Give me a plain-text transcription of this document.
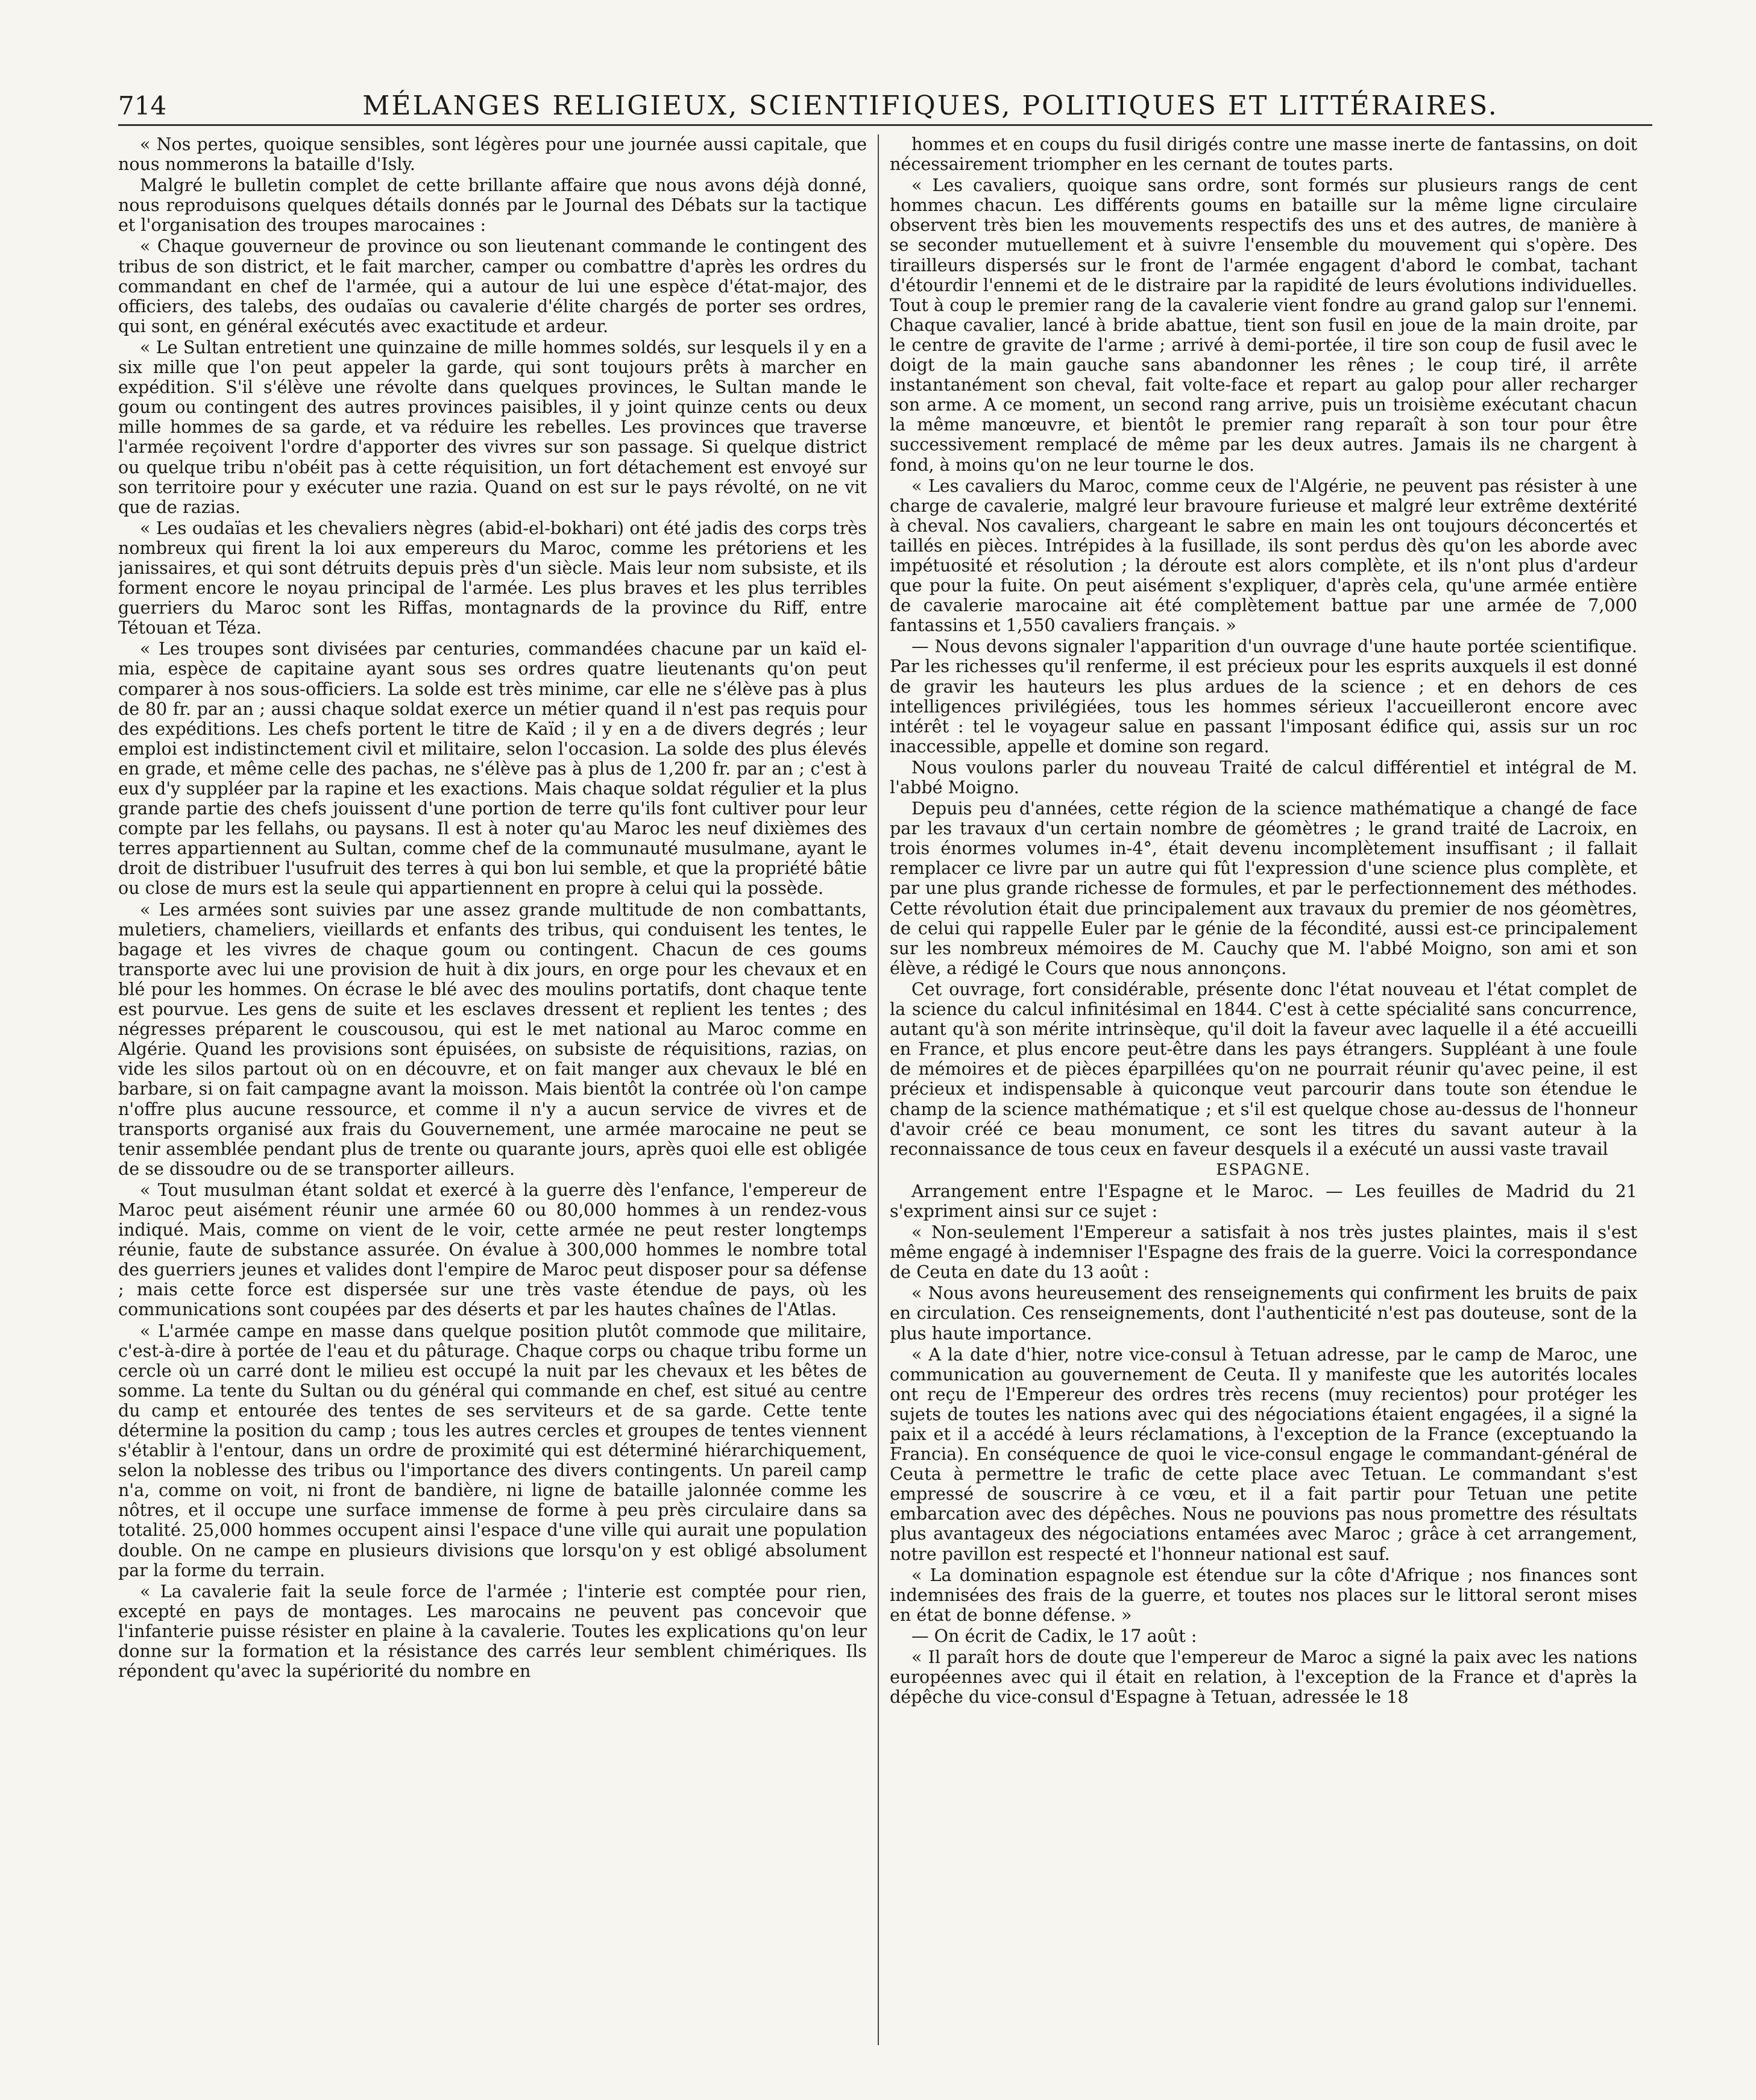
714	MÉLANGES RELIGIEUX, SCIENTIFIQUES, POLITIQUES ET LITTÉRAIRES.

« Nos pertes, quoique sensibles, sont légères pour une journée aussi capitale, que nous nommerons la bataille d'Isly.

Malgré le bulletin complet de cette brillante affaire que nous avons déjà donné, nous reproduisons quelques détails donnés par le Journal des Débats sur la tactique et l'organisation des troupes marocaines :

« Chaque gouverneur de province ou son lieutenant commande le contingent des tribus de son district, et le fait marcher, camper ou combattre d'après les ordres du commandant en chef de l'armée, qui a autour de lui une espèce d'état-major, des officiers, des talebs, des oudaïas ou cavalerie d'élite chargés de porter ses ordres, qui sont, en général exécutés avec exactitude et ardeur.

« Le Sultan entretient une quinzaine de mille hommes soldés, sur lesquels il y en a six mille que l'on peut appeler la garde, qui sont toujours prêts à marcher en expédition. S'il s'élève une révolte dans quelques provinces, le Sultan mande le goum ou contingent des autres provinces paisibles, il y joint quinze cents ou deux mille hommes de sa garde, et va réduire les rebelles. Les provinces que traverse l'armée reçoivent l'ordre d'apporter des vivres sur son passage. Si quelque district ou quelque tribu n'obéit pas à cette réquisition, un fort détachement est envoyé sur son territoire pour y exécuter une razia. Quand on est sur le pays révolté, on ne vit que de razias.

« Les oudaïas et les chevaliers nègres (abid-el-bokhari) ont été jadis des corps très nombreux qui firent la loi aux empereurs du Maroc, comme les prétoriens et les janissaires, et qui sont détruits depuis près d'un siècle. Mais leur nom subsiste, et ils forment encore le noyau principal de l'armée. Les plus braves et les plus terribles guerriers du Maroc sont les Riffas, montagnards de la province du Riff, entre Tétouan et Téza.

« Les troupes sont divisées par centuries, commandées chacune par un kaïd el-mia, espèce de capitaine ayant sous ses ordres quatre lieutenants qu'on peut comparer à nos sous-officiers. La solde est très minime, car elle ne s'élève pas à plus de 80 fr. par an ; aussi chaque soldat exerce un métier quand il n'est pas requis pour des expéditions. Les chefs portent le titre de Kaïd ; il y en a de divers degrés ; leur emploi est indistinctement civil et militaire, selon l'occasion. La solde des plus élevés en grade, et même celle des pachas, ne s'élève pas à plus de 1,200 fr. par an ; c'est à eux d'y suppléer par la rapine et les exactions. Mais chaque soldat régulier et la plus grande partie des chefs jouissent d'une portion de terre qu'ils font cultiver pour leur compte par les fellahs, ou paysans. Il est à noter qu'au Maroc les neuf dixièmes des terres appartiennent au Sultan, comme chef de la communauté musulmane, ayant le droit de distribuer l'usufruit des terres à qui bon lui semble, et que la propriété bâtie ou close de murs est la seule qui appartiennent en propre à celui qui la possède.

« Les armées sont suivies par une assez grande multitude de non combattants, muletiers, chameliers, vieillards et enfants des tribus, qui conduisent les tentes, le bagage et les vivres de chaque goum ou contingent. Chacun de ces goums transporte avec lui une provision de huit à dix jours, en orge pour les chevaux et en blé pour les hommes. On écrase le blé avec des moulins portatifs, dont chaque tente est pourvue. Les gens de suite et les esclaves dressent et replient les tentes ; des négresses préparent le couscousou, qui est le met national au Maroc comme en Algérie. Quand les provisions sont épuisées, on subsiste de réquisitions, razias, on vide les silos partout où on en découvre, et on fait manger aux chevaux le blé en barbare, si on fait campagne avant la moisson. Mais bientôt la contrée où l'on campe n'offre plus aucune ressource, et comme il n'y a aucun service de vivres et de transports organisé aux frais du Gouvernement, une armée marocaine ne peut se tenir assemblée pendant plus de trente ou quarante jours, après quoi elle est obligée de se dissoudre ou de se transporter ailleurs.

« Tout musulman étant soldat et exercé à la guerre dès l'enfance, l'empereur de Maroc peut aisément réunir une armée 60 ou 80,000 hommes à un rendez-vous indiqué. Mais, comme on vient de le voir, cette armée ne peut rester longtemps réunie, faute de substance assurée. On évalue à 300,000 hommes le nombre total des guerriers jeunes et valides dont l'empire de Maroc peut disposer pour sa défense ; mais cette force est dispersée sur une très vaste étendue de pays, où les communications sont coupées par des déserts et par les hautes chaînes de l'Atlas.

« L'armée campe en masse dans quelque position plutôt commode que militaire, c'est-à-dire à portée de l'eau et du pâturage. Chaque corps ou chaque tribu forme un cercle où un carré dont le milieu est occupé la nuit par les chevaux et les bêtes de somme. La tente du Sultan ou du général qui commande en chef, est situé au centre du camp et entourée des tentes de ses serviteurs et de sa garde. Cette tente détermine la position du camp ; tous les autres cercles et groupes de tentes viennent s'établir à l'entour, dans un ordre de proximité qui est déterminé hiérarchiquement, selon la noblesse des tribus ou l'importance des divers contingents. Un pareil camp n'a, comme on voit, ni front de bandière, ni ligne de bataille jalonnée comme les nôtres, et il occupe une surface immense de forme à peu près circulaire dans sa totalité. 25,000 hommes occupent ainsi l'espace d'une ville qui aurait une population double. On ne campe en plusieurs divisions que lorsqu'on y est obligé absolument par la forme du terrain.

« La cavalerie fait la seule force de l'armée ; l'interie est comptée pour rien, excepté en pays de montages. Les marocains ne peuvent pas concevoir que l'infanterie puisse résister en plaine à la cavalerie. Toutes les explications qu'on leur donne sur la formation et la résistance des carrés leur semblent chimériques. Ils répondent qu'avec la supériorité du nombre en

hommes et en coups du fusil dirigés contre une masse inerte de fantassins, on doit nécessairement triompher en les cernant de toutes parts.

« Les cavaliers, quoique sans ordre, sont formés sur plusieurs rangs de cent hommes chacun. Les différents goums en bataille sur la même ligne circulaire observent très bien les mouvements respectifs des uns et des autres, de manière à se seconder mutuellement et à suivre l'ensemble du mouvement qui s'opère. Des tirailleurs dispersés sur le front de l'armée engagent d'abord le combat, tachant d'étourdir l'ennemi et de le distraire par la rapidité de leurs évolutions individuelles. Tout à coup le premier rang de la cavalerie vient fondre au grand galop sur l'ennemi. Chaque cavalier, lancé à bride abattue, tient son fusil en joue de la main droite, par le centre de gravite de l'arme ; arrivé à demi-portée, il tire son coup de fusil avec le doigt de la main gauche sans abandonner les rênes ; le coup tiré, il arrête instantanément son cheval, fait volte-face et repart au galop pour aller recharger son arme. A ce moment, un second rang arrive, puis un troisième exécutant chacun la même manœuvre, et bientôt le premier rang reparaît à son tour pour être successivement remplacé de même par les deux autres. Jamais ils ne chargent à fond, à moins qu'on ne leur tourne le dos.

« Les cavaliers du Maroc, comme ceux de l'Algérie, ne peuvent pas résister à une charge de cavalerie, malgré leur bravoure furieuse et malgré leur extrême dextérité à cheval. Nos cavaliers, chargeant le sabre en main les ont toujours déconcertés et taillés en pièces. Intrépides à la fusillade, ils sont perdus dès qu'on les aborde avec impétuosité et résolution ; la déroute est alors complète, et ils n'ont plus d'ardeur que pour la fuite. On peut aisément s'expliquer, d'après cela, qu'une armée entière de cavalerie marocaine ait été complètement battue par une armée de 7,000 fantassins et 1,550 cavaliers français. »

— Nous devons signaler l'apparition d'un ouvrage d'une haute portée scientifique. Par les richesses qu'il renferme, il est précieux pour les esprits auxquels il est donné de gravir les hauteurs les plus ardues de la science ; et en dehors de ces intelligences privilégiées, tous les hommes sérieux l'accueilleront encore avec intérêt : tel le voyageur salue en passant l'imposant édifice qui, assis sur un roc inaccessible, appelle et domine son regard.

Nous voulons parler du nouveau Traité de calcul différentiel et intégral de M. l'abbé Moigno.

Depuis peu d'années, cette région de la science mathématique a changé de face par les travaux d'un certain nombre de géomètres ; le grand traité de Lacroix, en trois énormes volumes in-4°, était devenu incomplètement insuffisant ; il fallait remplacer ce livre par un autre qui fût l'expression d'une science plus complète, et par une plus grande richesse de formules, et par le perfectionnement des méthodes. Cette révolution était due principalement aux travaux du premier de nos géomètres, de celui qui rappelle Euler par le génie de la fécondité, aussi est-ce principalement sur les nombreux mémoires de M. Cauchy que M. l'abbé Moigno, son ami et son élève, a rédigé le Cours que nous annonçons.

Cet ouvrage, fort considérable, présente donc l'état nouveau et l'état complet de la science du calcul infinitésimal en 1844. C'est à cette spécialité sans concurrence, autant qu'à son mérite intrinsèque, qu'il doit la faveur avec laquelle il a été accueilli en France, et plus encore peut-être dans les pays étrangers. Suppléant à une foule de mémoires et de pièces éparpillées qu'on ne pourrait réunir qu'avec peine, il est précieux et indispensable à quiconque veut parcourir dans toute son étendue le champ de la science mathématique ; et s'il est quelque chose au-dessus de l'honneur d'avoir créé ce beau monument, ce sont les titres du savant auteur à la reconnaissance de tous ceux en faveur desquels il a exécuté un aussi vaste travail

ESPAGNE.

Arrangement entre l'Espagne et le Maroc. — Les feuilles de Madrid du 21 s'expriment ainsi sur ce sujet :

« Non-seulement l'Empereur a satisfait à nos très justes plaintes, mais il s'est même engagé à indemniser l'Espagne des frais de la guerre. Voici la correspondance de Ceuta en date du 13 août :

« Nous avons heureusement des renseignements qui confirment les bruits de paix en circulation. Ces renseignements, dont l'authenticité n'est pas douteuse, sont de la plus haute importance.

« A la date d'hier, notre vice-consul à Tetuan adresse, par le camp de Maroc, une communication au gouvernement de Ceuta. Il y manifeste que les autorités locales ont reçu de l'Empereur des ordres très recens (muy recientos) pour protéger les sujets de toutes les nations avec qui des négociations étaient engagées, il a signé la paix et il a accédé à leurs réclamations, à l'exception de la France (exceptuando la Francia). En conséquence de quoi le vice-consul engage le commandant-général de Ceuta à permettre le trafic de cette place avec Tetuan. Le commandant s'est empressé de souscrire à ce vœu, et il a fait partir pour Tetuan une petite embarcation avec des dépêches. Nous ne pouvions pas nous promettre des résultats plus avantageux des négociations entamées avec Maroc ; grâce à cet arrangement, notre pavillon est respecté et l'honneur national est sauf.

« La domination espagnole est étendue sur la côte d'Afrique ; nos finances sont indemnisées des frais de la guerre, et toutes nos places sur le littoral seront mises en état de bonne défense. »

— On écrit de Cadix, le 17 août :

« Il paraît hors de doute que l'empereur de Maroc a signé la paix avec les nations européennes avec qui il était en relation, à l'exception de la France et d'après la dépêche du vice-consul d'Espagne à Tetuan, adressée le 18
